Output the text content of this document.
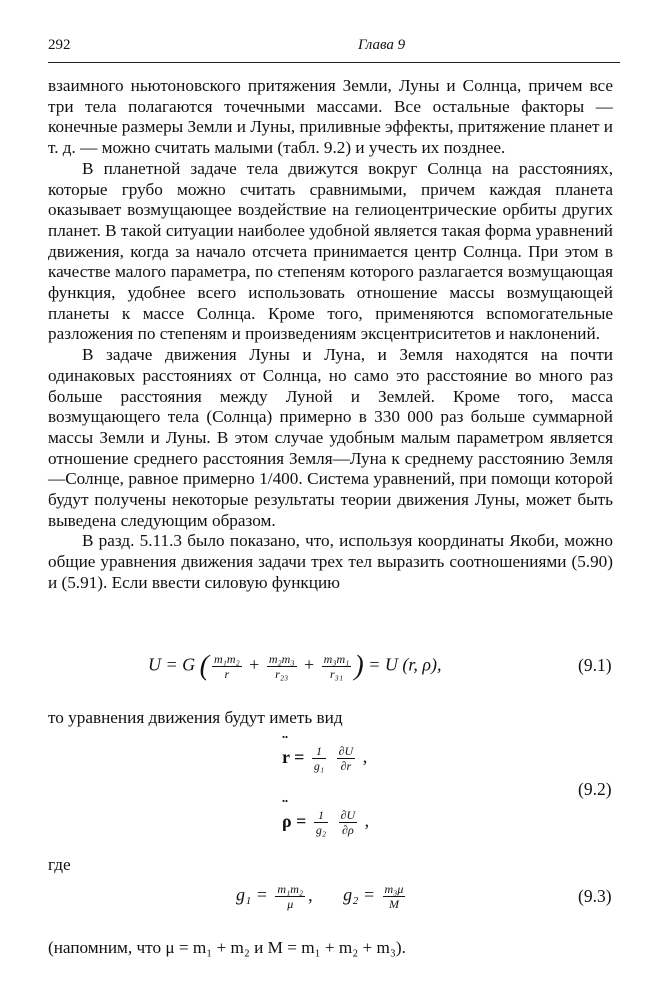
292	Глава 9

взаимного ньютоновского притяжения Земли, Луны и Солнца, причем все три тела полагаются точечными массами. Все остальные факторы — конечные размеры Земли и Луны, приливные эффекты, притяжение планет и т. д. — можно считать малыми (табл. 9.2) и учесть их позднее.

В планетной задаче тела движутся вокруг Солнца на расстояниях, которые грубо можно считать сравнимыми, причем каждая планета оказывает возмущающее воздействие на гелиоцентрические орбиты других планет. В такой ситуации наиболее удобной является такая форма уравнений движения, когда за начало отсчета принимается центр Солнца. При этом в качестве малого параметра, по степеням которого разлагается возмущающая функция, удобнее всего использовать отношение массы возмущающей планеты к массе Солнца. Кроме того, применяются вспомогательные разложения по степеням и произведениям эксцентриситетов и наклонений.

В задаче движения Луны и Луна, и Земля находятся на почти одинаковых расстояниях от Солнца, но само это расстояние во много раз больше расстояния между Луной и Землей. Кроме того, масса возмущающего тела (Солнца) примерно в 330 000 раз больше суммарной массы Земли и Луны. В этом случае удобным малым параметром является отношение среднего расстояния Земля—Луна к среднему расстоянию Земля—Солнце, равное примерно 1/400. Система уравнений, при помощи которой будут получены некоторые результаты теории движения Луны, может быть выведена следующим образом.

В разд. 5.11.3 было показано, что, используя координаты Якоби, можно общие уравнения движения задачи трех тел выразить соотношениями (5.90) и (5.91). Если ввести силовую функцию

U = G ( $\frac{\text{m₁m₂}}{r} + \frac{\text{m₂m₃}}{\text{r₂₃}} + \frac{\text{m₃m₁}}{\text{r₃₁}}$ ) = U (r, ρ),	(9.1)
то уравнения движения будут иметь вид
¨ $r = \frac{1}{\text{g₁}}$
$\frac{\partial U}{\partial r}$ ,
¨ $\rho = \frac{1}{\text{g₂}}$
$\frac{\partial U}{\partial\rho}$ ,
(9.2)
где
$g_1 = \frac{\text{m₁m₂}}{\mu}$ , $g_2 = \frac{\text{m₃μ}}{M}$	(9.3)
(напомним, что μ = m₁ + m₂ и M = m₁ + m₂ + m₃).
